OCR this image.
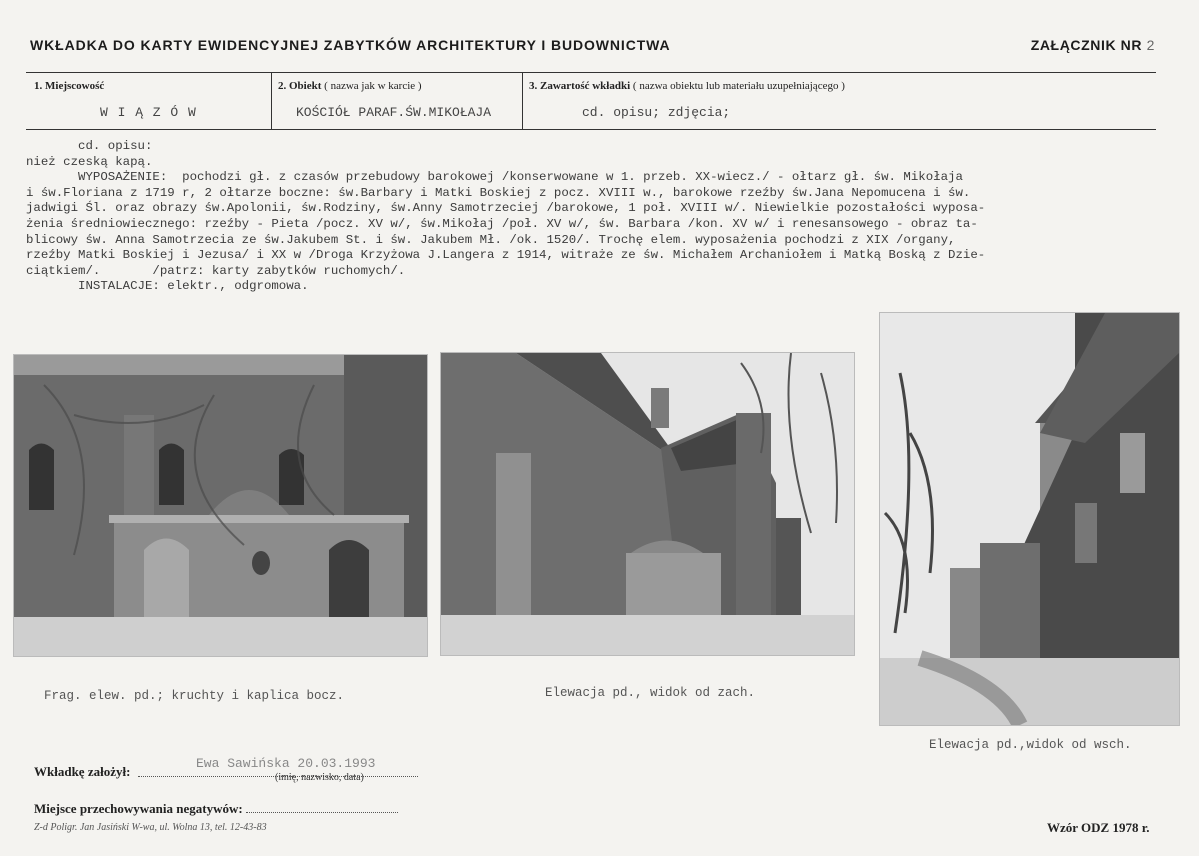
WKŁADKA DO KARTY EWIDENCYJNEJ ZABYTKÓW ARCHITEKTURY I BUDOWNICTWA	ZAŁĄCZNIK NR 2
1. Miejscowość	2. Obiekt ( nazwa jak w karcie )	3. Zawartość wkładki ( nazwa obiektu lub materiału uzupełniającego )
W I Ą Z Ó W	KOŚCIÓŁ PARAF.ŚW.MIKOŁAJA	cd. opisu; zdjęcia;
cd. opisu:
nież czeską kapą.
WYPOSAŻENIE:  pochodzi gł. z czasów przebudowy barokowej /konserwowane w 1. przeb. XX-wiecz./ - ołtarz gł. św. Mikołaja
i św.Floriana z 1719 r, 2 ołtarze boczne: św.Barbary i Matki Boskiej z pocz. XVIII w., barokowe rzeźby św.Jana Nepomucena i św.
jadwigi Śl. oraz obrazy św.Apolonii, św.Rodziny, św.Anny Samotrzeciej /barokowe, 1 poł. XVIII w/. Niewielkie pozostałości wyposa-
żenia średniowiecznego: rzeźby - Pieta /pocz. XV w/, św.Mikołaj /poł. XV w/, św. Barbara /kon. XV w/ i renesansowego - obraz ta-
blicowy św. Anna Samotrzecia ze św.Jakubem St. i św. Jakubem Mł. /ok. 1520/. Trochę elem. wyposażenia pochodzi z XIX /organy,
rzeźby Matki Boskiej i Jezusa/ i XX w /Droga Krzyżowa J.Langera z 1914, witraże ze św. Michałem Archaniołem i Matką Boską z Dzie-
ciątkiem/.       /patrz: karty zabytków ruchomych/.
INSTALACJE: elektr., odgromowa.
Frag. elew. pd.; kruchty i kaplica bocz.	Elewacja pd., widok od zach.
Elewacja pd.,widok od wsch.
Wkładkę założył:
Ewa Sawińska 20.03.1993
(imię, nazwisko, data)
Miejsce przechowywania negatywów:
Z-d Poligr. Jan Jasiński W-wa, ul. Wolna 13, tel. 12-43-83	Wzór ODZ 1978 r.
